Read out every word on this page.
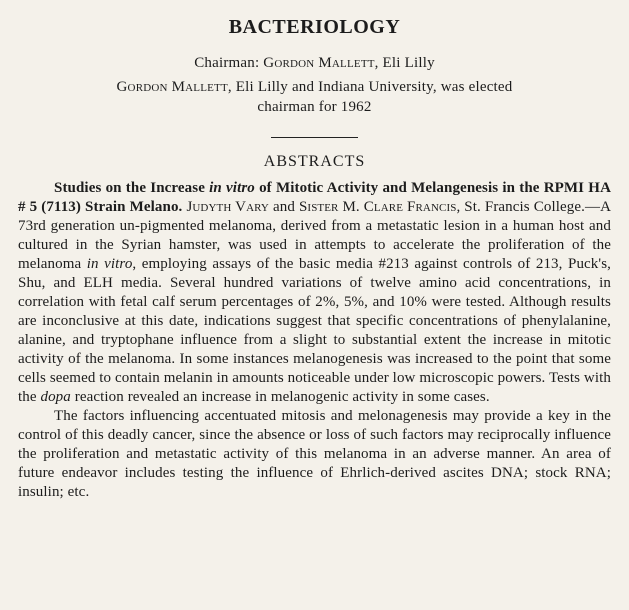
BACTERIOLOGY
Chairman: Gordon Mallett, Eli Lilly
Gordon Mallett, Eli Lilly and Indiana University, was elected
chairman for 1962
ABSTRACTS

Studies on the Increase in vitro of Mitotic Activity and Melangenesis in the RPMI HA # 5 (7113) Strain Melano. Judyth Vary and Sister M. Clare Francis, St. Francis College.—A 73rd generation un-pigmented melanoma, derived from a metastatic lesion in a human host and cultured in the Syrian hamster, was used in attempts to accelerate the proliferation of the melanoma in vitro, employing assays of the basic media #213 against controls of 213, Puck's, Shu, and ELH media. Several hundred variations of twelve amino acid concentrations, in correlation with fetal calf serum percentages of 2%, 5%, and 10% were tested. Although results are inconclusive at this date, indications suggest that specific concentrations of phenylalanine, alanine, and tryptophane influence from a slight to substantial extent the increase in mitotic activity of the melanoma. In some instances melanogenesis was increased to the point that some cells seemed to contain melanin in amounts noticeable under low microscopic powers. Tests with the dopa reaction revealed an increase in melanogenic activity in some cases.

The factors influencing accentuated mitosis and melonagenesis may provide a key in the control of this deadly cancer, since the absence or loss of such factors may reciprocally influence the proliferation and metastatic activity of this melanoma in an adverse manner. An area of future endeavor includes testing the influence of Ehrlich-derived ascites DNA; stock RNA; insulin; etc.
